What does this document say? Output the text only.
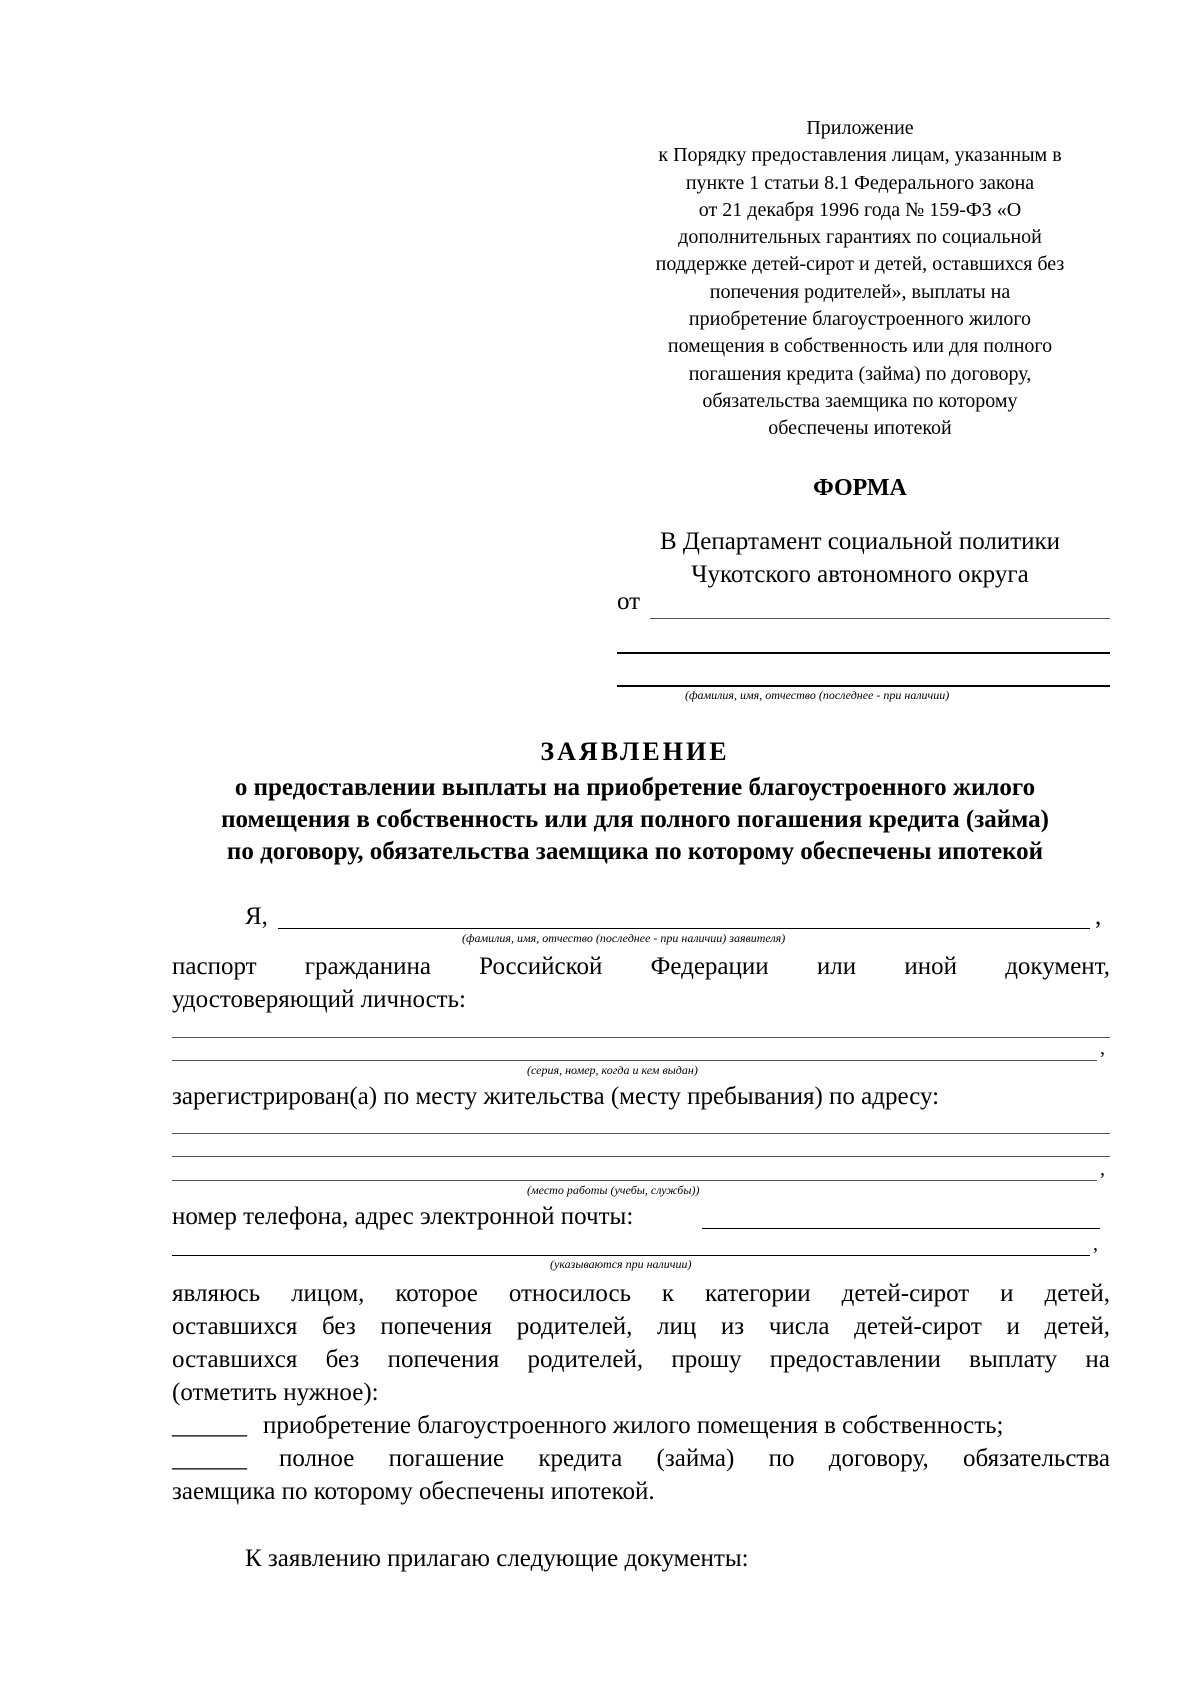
Приложение
к Порядку предоставления лицам, указанным в
пункте 1 статьи 8.1 Федерального закона
от 21 декабря 1996 года № 159-ФЗ «О
дополнительных гарантиях по социальной
поддержке детей-сирот и детей, оставшихся без
попечения родителей», выплаты на
приобретение благоустроенного жилого
помещения в собственность или для полного
погашения кредита (займа) по договору,
обязательства заемщика по которому
обеспечены ипотекой
ФОРМА
В Департамент социальной политики
Чукотского автономного округа
от
(фамилия, имя, отчество (последнее - при наличии)
ЗАЯВЛЕНИЕ
о предоставлении выплаты на приобретение благоустроенного жилого
помещения в собственность или для полного погашения кредита (займа)
по договору, обязательства заемщика по которому обеспечены ипотекой
Я,	,
(фамилия, имя, отчество (последнее - при наличии) заявителя)
паспорт гражданина Российской Федерации или иной документ,
удостоверяющий личность:
,
(серия, номер, когда и кем выдан)
зарегистрирован(а) по месту жительства (месту пребывания) по адресу:
,
(место работы (учебы, службы))
номер телефона, адрес электронной почты:
,
(указываются при наличии)
являюсь лицом, которое относилось к категории детей-сирот и детей,
оставшихся без попечения родителей, лиц из числа детей-сирот и детей,
оставшихся без попечения родителей, прошу предоставлении выплату на
(отметить нужное):
______ приобретение благоустроенного жилого помещения в собственность;
______ полное погашение кредита (займа) по договору, обязательства
заемщика по которому обеспечены ипотекой.
К заявлению прилагаю следующие документы:
